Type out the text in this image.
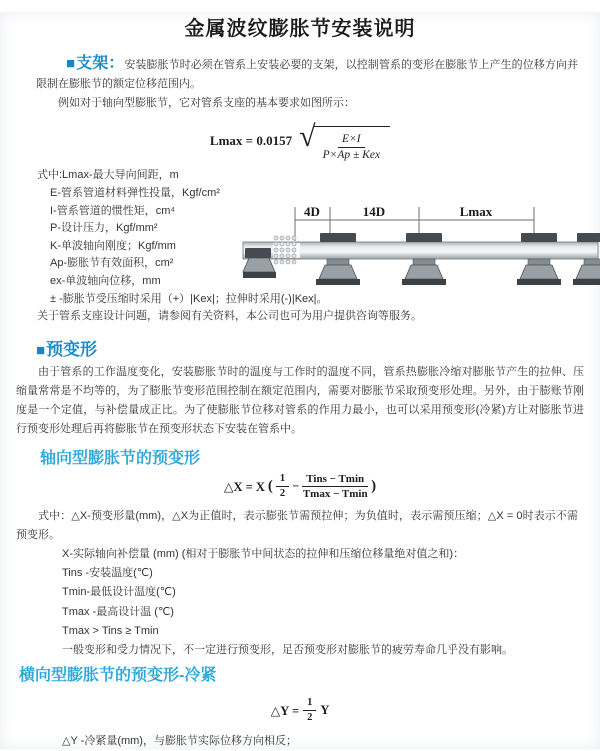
金属波纹膨胀节安装说明

■支架：安装膨胀节时必须在管系上安装必要的支架，以控制管系的变形在膨胀节上产生的位移方向并限制在膨胀节的额定位移范围内。

例如对于轴向型膨胀节，它对管系支座的基本要求如图所示：

Lmax = 0.0157 √ $\frac{E\times I}{\text{P×Ap ± Kex}}$
式中:Lmax-最大导向间距，m
E-管系管道材料弹性投量，Kgf/cm²
I-管系管道的惯性矩，cm⁴
P-设计压力，Kgf/mm²
K-单波轴向刚度；Kgf/mm
Ap-膨胀节有效面积，cm²
ex-单波轴向位移，mm
± -膨胀节受压缩时采用（+）|Kex|；拉伸时采用(-)|Kex|。
关于管系支座设计问题，请参阅有关资料，本公司也可为用户提供咨询等服务。
4D	14D	Lmax
■预变形

由于管系的工作温度变化，安装膨胀节时的温度与工作时的温度不同，管系热膨胀冷缩对膨胀节产生的拉伸、压缩量常常是不均等的，为了膨胀节变形范围控制在额定范围内，需要对膨胀节采取预变形处理。另外，由于膨账节刚度是一个定值，与补偿量成正比。为了使膨胀节位移对管系的作用力最小，也可以采用预变形(冷紧)方让对膨胀节进行预变形处理后再将膨胀节在预变形状态下安装在管系中。

轴向型膨胀节的预变形
△X = X ( $\frac{1}{2} - \frac{\text{Tins − Tmin}}{Tmax - Tmin}$ )

式中：△X-预变形量(mm)，△X为正值时，表示膨张节需预拉伸；为负值时，表示需预压缩；△X = 0时表示不需预变形。

X-实际轴向补偿量 (mm) (相对于膨胀节中间状态的拉伸和压缩位移量绝对值之和)：
Tins -安装温度(℃)
Tmin-最低设计温度(℃)
Tmax -最高设计温 (℃)
Tmax > Tins ≥ Tmin
一般变形和受力情况下，不一定进行预变形，足否预变形对膨胀节的疲劳寿命几乎没有影响。
横向型膨胀节的预变形-冷紧
△Y = $\frac{1}{2}$ Y
△Y -冷紧量(mm)，与膨胀节实际位移方向相反；
